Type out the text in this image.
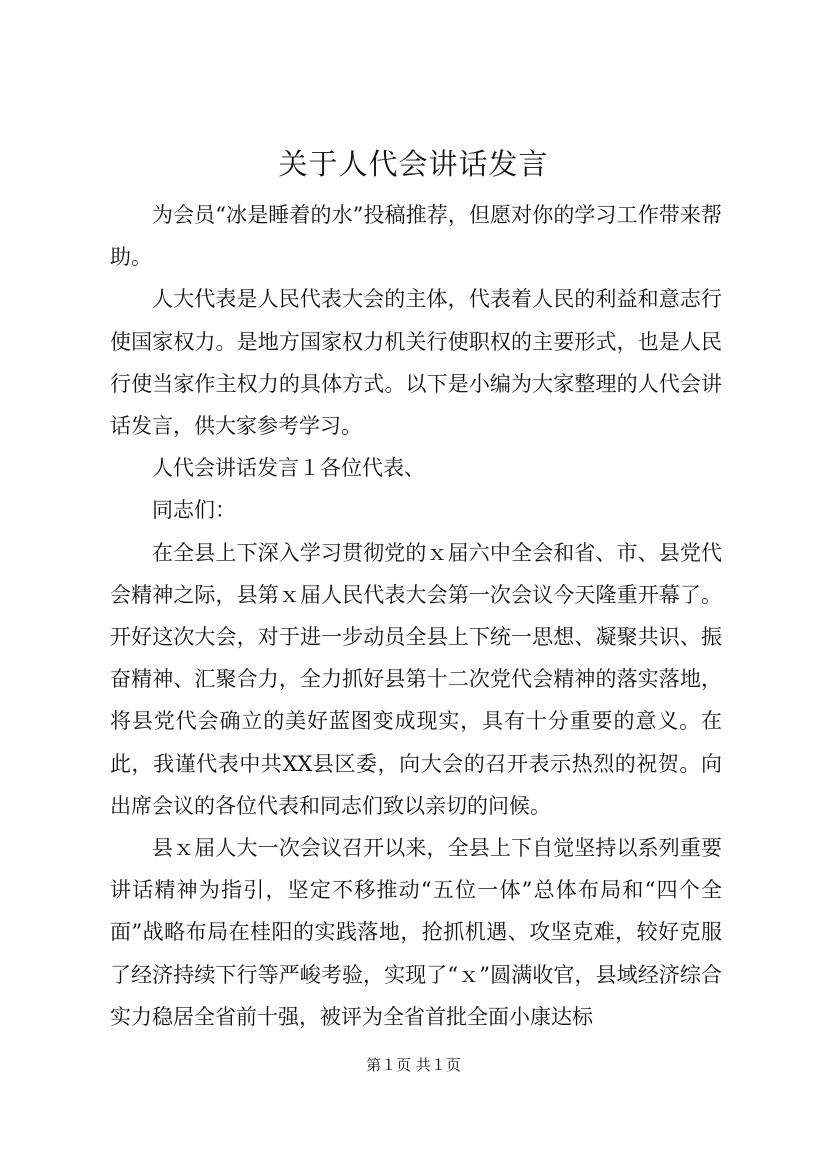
关于人代会讲话发言

为会员“冰是睡着的水”投稿推荐，但愿对你的学习工作带来帮助。

人大代表是人民代表大会的主体，代表着人民的利益和意志行使国家权力。是地方国家权力机关行使职权的主要形式，也是人民行使当家作主权力的具体方式。以下是小编为大家整理的人代会讲话发言，供大家参考学习。

人代会讲话发言１各位代表、

同志们：

在全县上下深入学习贯彻党的ｘ届六中全会和省、市、县党代会精神之际，县第ｘ届人民代表大会第一次会议今天隆重开幕了。开好这次大会，对于进一步动员全县上下统一思想、凝聚共识、振奋精神、汇聚合力，全力抓好县第十二次党代会精神的落实落地，将县党代会确立的美好蓝图变成现实，具有十分重要的意义。在此，我谨代表中共XX县区委，向大会的召开表示热烈的祝贺。向出席会议的各位代表和同志们致以亲切的问候。

县ｘ届人大一次会议召开以来，全县上下自觉坚持以系列重要讲话精神为指引，坚定不移推动“五位一体”总体布局和“四个全面”战略布局在桂阳的实践落地，抢抓机遇、攻坚克难，较好克服了经济持续下行等严峻考验，实现了“ｘ”圆满收官，县域经济综合实力稳居全省前十强，被评为全省首批全面小康达标

第１页 共１页
